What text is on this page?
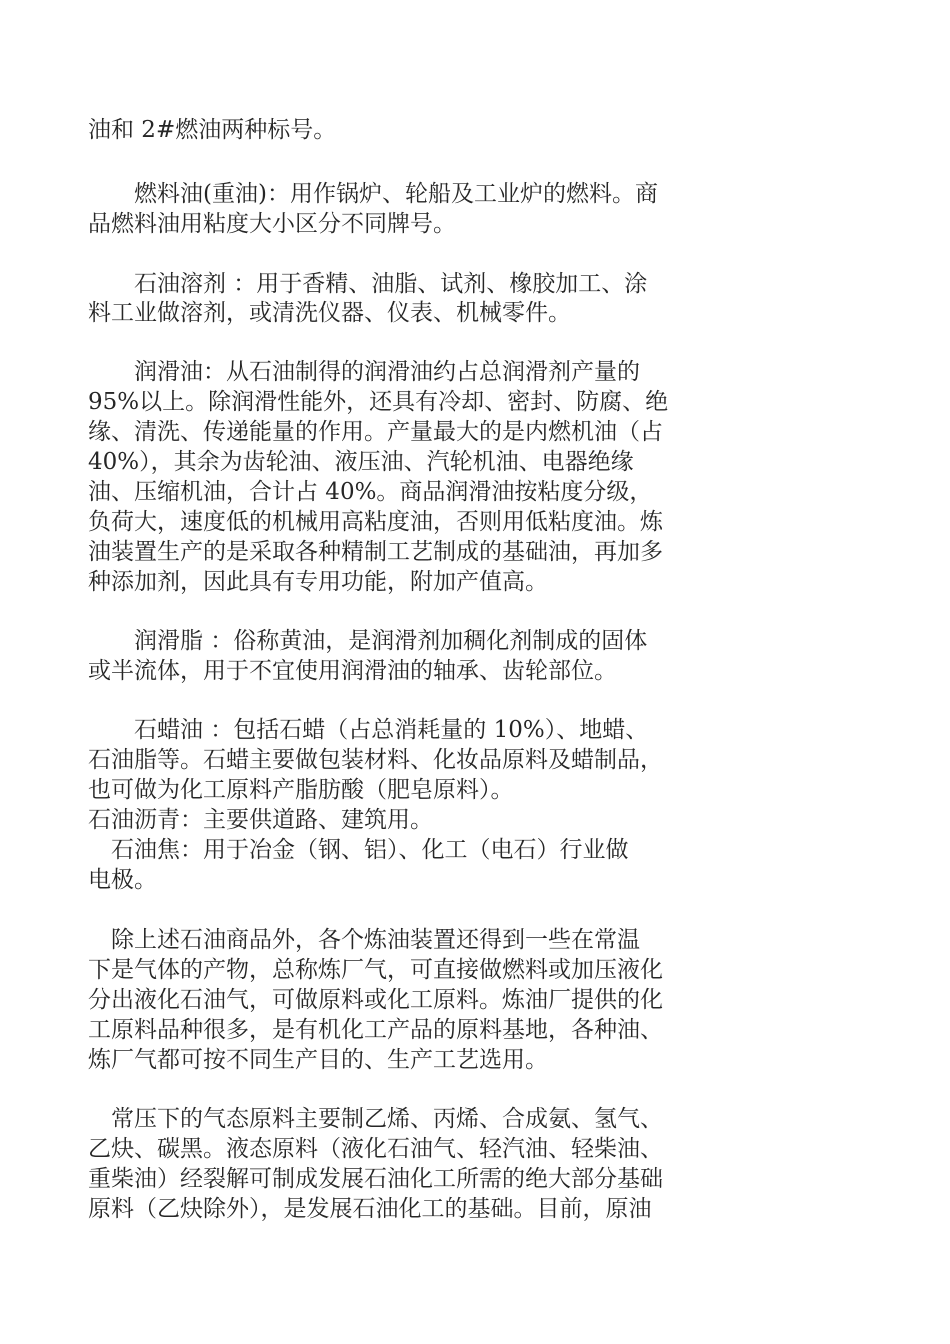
油和 2#燃油两种标号。
　　燃料油(重油)：用作锅炉、轮船及工业炉的燃料。商
品燃料油用粘度大小区分不同牌号。
　　石油溶剂 ：用于香精、油脂、试剂、橡胶加工、涂
料工业做溶剂，或清洗仪器、仪表、机械零件。
　　润滑油：从石油制得的润滑油约占总润滑剂产量的
95%以上。除润滑性能外，还具有冷却、密封、防腐、绝
缘、清洗、传递能量的作用。产量最大的是内燃机油（占
40%），其余为齿轮油、液压油、汽轮机油、电器绝缘
油、压缩机油，合计占 40%。商品润滑油按粘度分级，
负荷大，速度低的机械用高粘度油，否则用低粘度油。炼
油装置生产的是采取各种精制工艺制成的基础油，再加多
种添加剂，因此具有专用功能，附加产值高。
　　润滑脂 ：俗称黄油，是润滑剂加稠化剂制成的固体
或半流体，用于不宜使用润滑油的轴承、齿轮部位。
　　石蜡油 ：包括石蜡（占总消耗量的 10%）、地蜡、
石油脂等。石蜡主要做包装材料、化妆品原料及蜡制品，
也可做为化工原料产脂肪酸（肥皂原料）。
石油沥青：主要供道路、建筑用。
　石油焦：用于冶金（钢、铝）、化工（电石）行业做
电极。
　除上述石油商品外，各个炼油装置还得到一些在常温
下是气体的产物，总称炼厂气，可直接做燃料或加压液化
分出液化石油气，可做原料或化工原料。炼油厂提供的化
工原料品种很多，是有机化工产品的原料基地，各种油、
炼厂气都可按不同生产目的、生产工艺选用。
　常压下的气态原料主要制乙烯、丙烯、合成氨、氢气、
乙炔、碳黑。液态原料（液化石油气、轻汽油、轻柴油、
重柴油）经裂解可制成发展石油化工所需的绝大部分基础
原料（乙炔除外），是发展石油化工的基础。目前，原油
